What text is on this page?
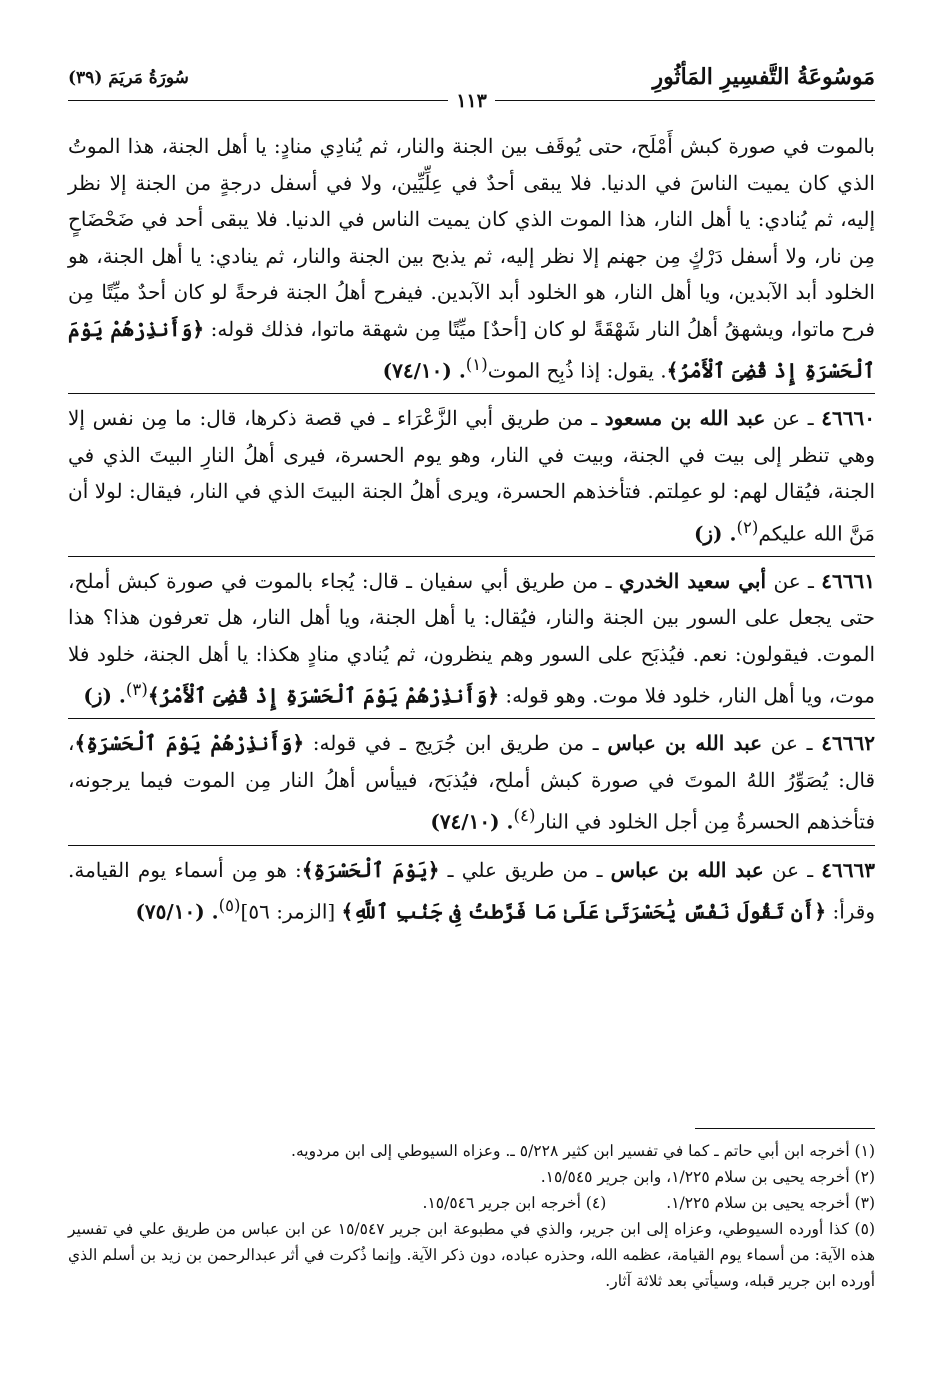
مَوسُوعَةُ التَّفسِيرِ المَأثُورِ
سُورَةُ مَريَمَ (٣٩)
١١٣

بالموت في صورة كبش أَمْلَح، حتى يُوقَف بين الجنة والنار، ثم يُنادِي منادٍ: يا أهل الجنة، هذا الموتُ الذي كان يميت الناسَ في الدنيا. فلا يبقى أحدٌ في عِلِّيِّين، ولا في أسفل درجةٍ من الجنة إلا نظر إليه، ثم يُنادي: يا أهل النار، هذا الموت الذي كان يميت الناس في الدنيا. فلا يبقى أحد في ضَحْضَاحٍ مِن نار، ولا أسفل دَرْكٍ مِن جهنم إلا نظر إليه، ثم يذبح بين الجنة والنار، ثم ينادي: يا أهل الجنة، هو الخلود أبد الآبدين، ويا أهل النار، هو الخلود أبد الآبدين. فيفرح أهلُ الجنة فرحةً لو كان أحدٌ ميِّتًا مِن فرح ماتوا، ويشهقُ أهلُ النار شَهْقَةً لو كان [أحدٌ] ميِّتًا مِن شهقة ماتوا، فذلك قوله: ﴿وَأَنذِرْهُمْ يَوْمَ ٱلْحَسْرَةِ إِذْ قُضِىَ ٱلْأَمْرُ﴾. يقول: إذا ذُبِح الموت$^{(١)}$. (٧٤/١٠)

٤٦٦٦٠ ـ عن عبد الله بن مسعود ـ من طريق أبي الزَّعْرَاء ـ في قصة ذكرها، قال: ما مِن نفس إلا وهي تنظر إلى بيت في الجنة، وبيت في النار، وهو يوم الحسرة، فيرى أهلُ النارِ البيتَ الذي في الجنة، فيُقال لهم: لو عمِلتم. فتأخذهم الحسرة، ويرى أهلُ الجنة البيتَ الذي في النار، فيقال: لولا أن مَنَّ الله عليكم$^{(٢)}$. (ز)

٤٦٦٦١ ـ عن أبي سعيد الخدري ـ من طريق أبي سفيان ـ قال: يُجاء بالموت في صورة كبش أملح، حتى يجعل على السور بين الجنة والنار، فيُقال: يا أهل الجنة، ويا أهل النار، هل تعرفون هذا؟ هذا الموت. فيقولون: نعم. فيُذبَح على السور وهم ينظرون، ثم يُنادي منادٍ هكذا: يا أهل الجنة، خلود فلا موت، ويا أهل النار، خلود فلا موت. وهو قوله: ﴿وَأَنذِرْهُمْ يَوْمَ ٱلْحَسْرَةِ إِذْ قُضِىَ ٱلْأَمْرُ﴾$^{(٣)}$. (ز)

٤٦٦٦٢ ـ عن عبد الله بن عباس ـ من طريق ابن جُرَيج ـ في قوله: ﴿وَأَنذِرْهُمْ يَوْمَ ٱلْحَسْرَةِ﴾، قال: يُصَوِّرُ اللهُ الموتَ في صورة كبش أملح، فيُذبَح، فييأس أهلُ النار مِن الموت فيما يرجونه، فتأخذهم الحسرةُ مِن أجل الخلود في النار$^{(٤)}$. (٧٤/١٠)

٤٦٦٦٣ ـ عن عبد الله بن عباس ـ من طريق علي ـ ﴿يَوْمَ ٱلْحَسْرَةِ﴾: هو مِن أسماء يوم القيامة. وقرأ: ﴿أَن تَقُولَ نَفْسٌ يَٰحَسْرَتَىٰ عَلَىٰ مَا فَرَّطتُ فِى جَنۢبِ ٱللَّهِ﴾ [الزمر: ٥٦]$^{(٥)}$. (٧٥/١٠)

(١) أخرجه ابن أبي حاتم ـ كما في تفسير ابن كثير ٥/٢٢٨ ـ. وعزاه السيوطي إلى ابن مردويه.

(٢) أخرجه يحيى بن سلام ١/٢٢٥، وابن جرير ١٥/٥٤٥.

(٣) أخرجه يحيى بن سلام ١/٢٢٥.

(٤) أخرجه ابن جرير ١٥/٥٤٦.

(٥) كذا أورده السيوطي، وعزاه إلى ابن جرير، والذي في مطبوعة ابن جرير ١٥/٥٤٧ عن ابن عباس من طريق علي في تفسير هذه الآية: من أسماء يوم القيامة، عظمه الله، وحذره عباده، دون ذكر الآية. وإنما ذُكرت في أثر عبدالرحمن بن زيد بن أسلم الذي أورده ابن جرير قبله، وسيأتي بعد ثلاثة آثار.
